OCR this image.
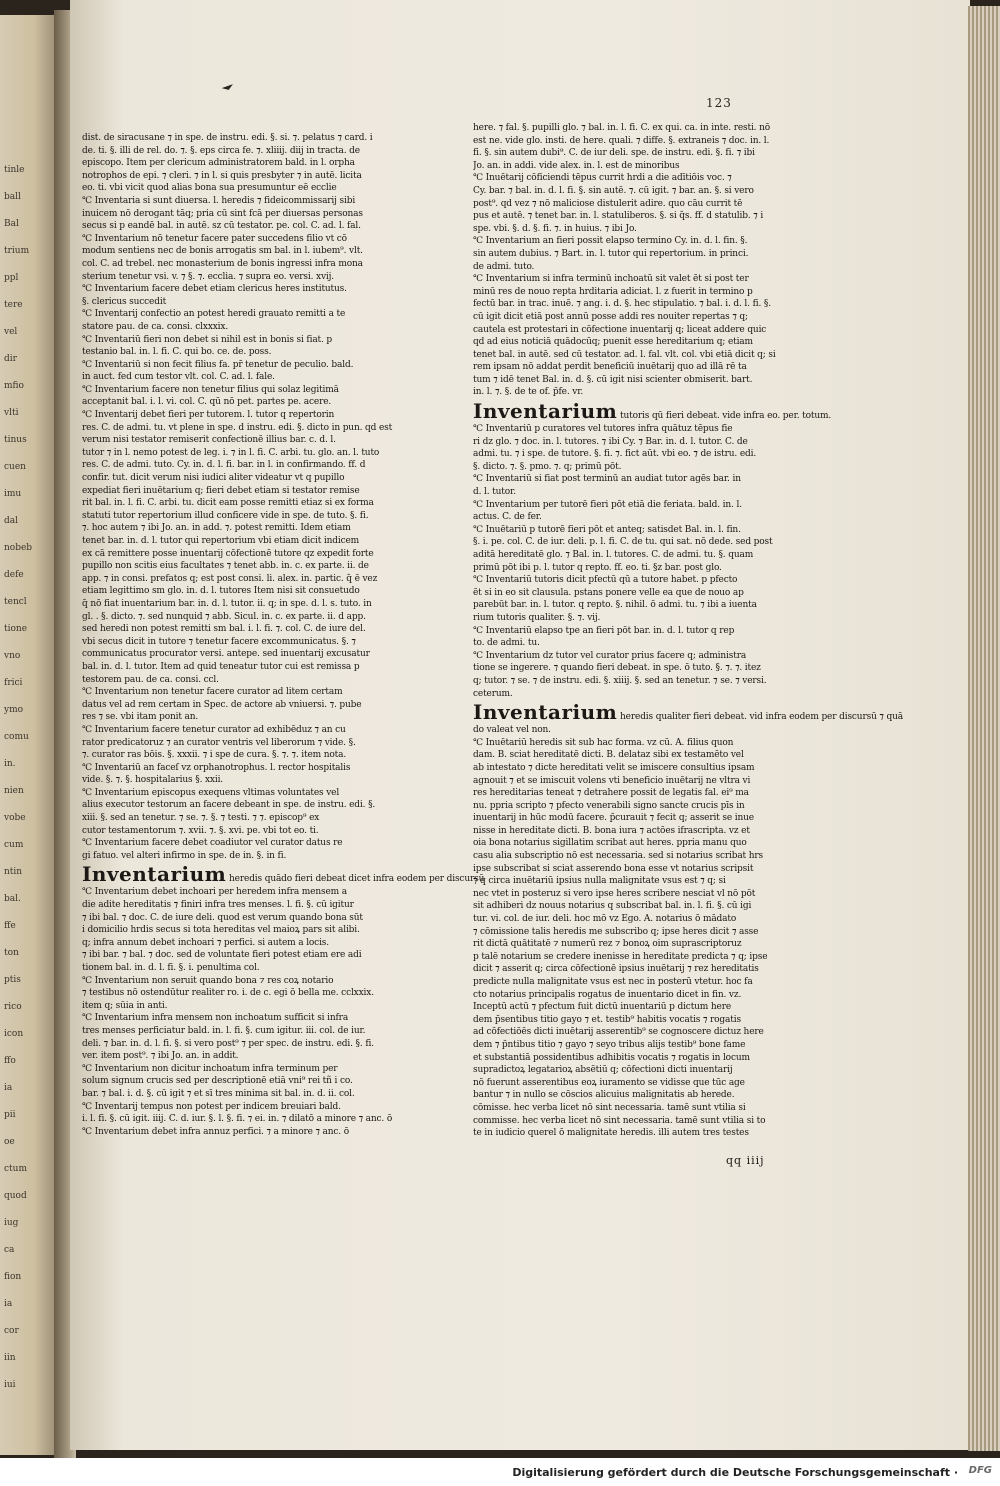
tinle
ball
Bal
trium
ppl
tere
vel
dir
mfio
vlti
tinus
cuen
imu
dal
nobeb
defe
tencl
tione
vno
frici
ymo
comu
in.
nien
vobe
cum
ntin
bal.
ffe
ton
ptis
rico
icon
ffo
ia
pii
oe
ctum
quod
iug
ca
fion
ia
cor
iin
iui
123
dist. de siracusane ⁊ in spe. de instru. edi. §. si. ⁊. pelatus ⁊ card. i
de. ti. §. illi de rel. do. ⁊. §. eps circa fe. ⁊. xliiij. diij in tracta. de
episcopo. Item per clericum administratorem bald. in l. orpha
notrophos de epi. ⁊ cleri. ⁊ in l. si quis presbyter ⁊ in autē. licita
eo. ti. vbi vicit quod alias bona sua presumuntur eē ecclie
℃ Inventaria si sunt diuersa. l. heredis ⁊ fideicommissarij sibi
inuicem nō derogant tāq; pria cū sint fcā per diuersas personas
secus si p eandē bal. in autē. sz cū testator. pe. col. C. ad. l. fal.
℃ Inventarium nō tenetur facere pater succedens filio vt cō
modum sentiens nec de bonis arrogatis sm bal. in l. iubem⁹. vlt.
col. C. ad trebel. nec monasterium de bonis ingressi infra mona
sterium tenetur vsi. v. ⁊ §. ⁊. ecclia. ⁊ supra eo. versi. xvij.
℃ Inventarium facere debet etiam clericus heres institutus.
§. clericus succedit
℃ Inventarij confectio an potest heredi grauato remitti a te
statore pau. de ca. consi. clxxxix.
℃ Inventariū fieri non debet si nihil est in bonis si fiat. p
testanio bal. in. l. fi. C. qui bo. ce. de. poss.
℃ Inventariū si non fecit filius fa. pr̄ tenetur de peculio. bald.
in auct. fed cum testor vlt. col. C. ad. l. fale.
℃ Inventarium facere non tenetur filius qui solaz legitimā
acceptanit bal. i. l. vi. col. C. qū nō pet. partes pe. acere.
℃ Inventarij debet fieri per tutorem. l. tutor q repertorin
res. C. de admi. tu. vt plene in spe. d instru. edi. §. dicto in pun. qd est
verum nisi testator remiserit confectionē illius bar. c. d. l.
tutor ⁊ in l. nemo potest de leg. i. ⁊ in l. fi. C. arbi. tu. glo. an. l. tuto
res. C. de admi. tuto. Cy. in. d. l. fi. bar. in l. in confirmando. ff. d
confir. tut. dicit verum nisi iudici aliter videatur vt q pupillo
expediat fieri inuētarium q; fieri debet etiam si testator remise
rit bal. in. l. fi. C. arbi. tu. dicit eam posse remitti etiaz si ex forma
statuti tutor repertorium illud conficere vide in spe. de tuto. §. fi.
⁊. hoc autem ⁊ ibi Jo. an. in add. ⁊. potest remitti. Idem etiam
tenet bar. in. d. l. tutor qui repertorium vbi etiam dicit indicem
ex cā remittere posse inuentarij cōfectionē tutore qz expedit forte
pupillo non scitis eius facultates ⁊ tenet abb. in. c. ex parte. ii. de
app. ⁊ in consi. prefatos q; est post consi. li. alex. in. partic. q̄ ē vez
etiam legittimo sm glo. in. d. l. tutores Item nisi sit consuetudo
q̄ nō fiat inuentarium bar. in. d. l. tutor. ii. q; in spe. d. l. s. tuto. in
gl. . §. dicto. ⁊. sed nunquid ⁊ abb. Sicul. in. c. ex parte. ii. d app.
sed heredi non potest remitti sm bal. i. l. fi. ⁊. col. C. de iure del.
vbi secus dicit in tutore ⁊ tenetur facere excommunicatus. §. ⁊
communicatus procurator versi. antepe. sed inuentarij excusatur
bal. in. d. l. tutor. Item ad quid teneatur tutor cui est remissa p
testorem pau. de ca. consi. ccl.
℃ Inventarium non tenetur facere curator ad litem certam
datus vel ad rem certam in Spec. de actore ab vniuersi. ⁊. pube
res ⁊ se. vbi itam ponit an.
℃ Inventarium facere tenetur curator ad exhibēduz ⁊ an cu
rator predicatoruz ⁊ an curator ventris vel liberorum ⁊ vide. §.
⁊. curator ras bōis. §. xxxii. ⁊ i spe de cura. §. ⁊. ⁊. item nota.
℃ Inventariū an faceſ vz orphanotrophus. l. rector hospitalis
vide. §. ⁊. §. hospitalarius §. xxii.
℃ Inventarium episcopus exequens vltimas voluntates vel
alius executor testorum an facere debeant in spe. de instru. edi. §.
xiii. §. sed an tenetur. ⁊ se. ⁊. §. ⁊ testi. ⁊ ⁊. episcop⁹ ex
cutor testamentorum ⁊. xvii. ⁊. §. xvi. pe. vbi tot eo. ti.
℃ Inventarium facere debet coadiutor vel curator datus re
gi fatuo. vel alteri infirmo in spe. de in. §. in fi.
Inventarium heredis quādo fieri debeat dicet infra eodem per discursū
℃ Inventarium debet inchoari per heredem infra mensem a
die adite hereditatis ⁊ finiri infra tres menses. l. fi. §. cū igitur
⁊ ibi bal. ⁊ doc. C. de iure deli. quod est verum quando bona sūt
i domicilio hrdis secus si tota hereditas vel maioꝝ pars sit alibi.
q; infra annum debet inchoari ⁊ perfici. si autem a locis.
⁊ ibi bar. ⁊ bal. ⁊ doc. sed de voluntate fieri potest etiam ere adi
tionem bal. in. d. l. fi. §. i. penultima col.
℃ Inventarium non seruit quando bona ⁊ res coꝝ notario
⁊ testibus nō ostendūtur realiter ro. i. de c. egi ō bella me. cclxxix.
item q; sūia in anti.
℃ Inventarium infra mensem non inchoatum sufficit si infra
tres menses perficiatur bald. in. l. fi. §. cum igitur. iii. col. de iur.
deli. ⁊ bar. in. d. l. fi. §. si vero post⁹ ⁊ per spec. de instru. edi. §. fi.
ver. item post⁹. ⁊ ibi Jo. an. in addit.
℃ Inventarium non dicitur inchoatum infra terminum per
solum signum crucis sed per descriptionē etiā vni⁹ rei tñ i co.
bar. ⁊ bal. i. d. §. cū igit ⁊ et sī tres minima sit bal. in. d. ii. col.
℃ Inventarij tempus non potest per indicem breuiari bald.
i. l. fi. §. cū igit. iiij. C. d. iur. §. l. §. fi. ⁊ ei. in. ⁊ dilatō a minore ⁊ anc. ō
℃ Inventarium debet infra annuz perfici. ⁊ a minore ⁊ anc. ō
here. ⁊ fal. §. pupilli glo. ⁊ bal. in. l. fi. C. ex qui. ca. in inte. resti. nō
est ne. vide glo. insti. de here. quali. ⁊ diffe. §. extraneis ⁊ doc. in. l.
fi. §. sin autem dubi⁹. C. de iur deli. spe. de instru. edi. §. fi. ⁊ ibi
Jo. an. in addi. vide alex. in. l. est de minoribus
℃ Inuētarij cōficiendi tēpus currit hrdi a die adītiōis voc. ⁊
Cy. bar. ⁊ bal. in. d. l. fi. §. sin autē. ⁊. cū igit. ⁊ bar. an. §. si vero
post⁹. qd vez ⁊ nō maliciose distulerit adire. quo cāu currit tē
pus et autē. ⁊ tenet bar. in. l. statuliberos. §. si q̄s. ff. d statulib. ⁊ i
spe. vbi. §. d. §. fi. ⁊. in huius. ⁊ ibi Jo.
℃ Inventarium an fieri possit elapso termino Cy. in. d. l. fin. §.
sin autem dubius. ⁊ Bart. in. l. tutor qui repertorium. in princi.
de admi. tuto.
℃ Inventarium si infra terminū inchoatū sit valet ēt si post ter
minū res de nouo repta hrditaria adiciat. l. z fuerit in termino p
fectū bar. in trac. inuē. ⁊ ang. i. d. §. hec stipulatio. ⁊ bal. i. d. l. fi. §.
cū igit dicit etiā post annū posse addi res nouiter repertas ⁊ q;
cautela est protestari in cōfectione inuentarij q; liceat addere quic
qd ad eius noticiā quādocūq; puenit esse hereditarium q; etiam
tenet bal. in autē. sed cū testator. ad. l. fal. vlt. col. vbi etiā dicit q; si
rem ipsam nō addat perdit beneficiū inuētarij quo ad illā rē ta
tum ⁊ idē tenet Bal. in. d. §. cū igit nisi scienter obmiserit. bart.
in. l. ⁊. §. de te of. p̄fe. vr.
Inventarium tutoris qū fieri debeat. vide infra eo. per. totum.
℃ Inventariū p curatores vel tutores infra quātuz tēpus fie
ri dz glo. ⁊ doc. in. l. tutores. ⁊ ibi Cy. ⁊ Bar. in. d. l. tutor. C. de
admi. tu. ⁊ i spe. de tutore. §. fi. ⁊. fict aūt. vbi eo. ⁊ de istru. edi.
§. dicto. ⁊. §. pmo. ⁊. q; primū pōt.
℃ Inventariū si fiat post terminū an audiat tutor agēs bar. in
d. l. tutor.
℃ Inventarium per tutorē fieri pōt etiā die feriata. bald. in. l.
actus. C. de fer.
℃ Inuētariū p tutorē fieri pōt et anteq; satisdet Bal. in. l. fin.
§. i. pe. col. C. de iur. deli. p. l. fi. C. de tu. qui sat. nō dede. sed post
aditā hereditatē glo. ⁊ Bal. in. l. tutores. C. de admi. tu. §. quam
primū pōt ibi p. l. tutor q repto. ff. eo. ti. §z bar. post glo.
℃ Inventariū tutoris dicit pfectū qū a tutore habet. p pfecto
ēt si in eo sit clausula. pstans ponere velle ea que de nouo ap
parebūt bar. in. l. tutor. q repto. §. nihil. ō admi. tu. ⁊ ibi a iuenta
rium tutoris qualiter. §. ⁊. vij.
℃ Inventariū elapso tpe an fieri pōt bar. in. d. l. tutor q rep
to. de admi. tu.
℃ Inventarium dz tutor vel curator prius facere q; administra
tione se ingerere. ⁊ quando fieri debeat. in spe. ō tuto. §. ⁊. ⁊. itez
q; tutor. ⁊ se. ⁊ de instru. edi. §. xiiij. §. sed an tenetur. ⁊ se. ⁊ versi.
ceterum.
Inventarium heredis qualiter fieri debeat. vid infra eodem per discursū ⁊ quā
do valeat vel non.
℃ Inuētariū heredis sit sub hac forma. vz cū. A. filius quon
dam. B. sciat hereditatē dicti. B. delataz sibi ex testamēto vel
ab intestato ⁊ dicte hereditati velit se imiscere consultius ipsam
agnouit ⁊ et se imiscuit volens vti beneficio inuētarij ne vltra vi
res hereditarias teneat ⁊ detrahere possit de legatis fal. ei⁹ ma
nu. ppria scripto ⁊ pfecto venerabili signo sancte crucis pīs in
inuentarij in hūc modū facere. p̄curauit ⁊ fecit q; asserit se inue
nisse in hereditate dicti. B. bona iura ⁊ actōes ifrascripta. vz et
oia bona notarius sigillatim scribat aut heres. ppria manu quo
casu alia subscriptio nō est necessaria. sed si notarius scribat hrs
ipse subscribat si sciat asserendo bona esse vt notarius scripsit
⁊ q circa inuētariū ipsius nulla malignitate vsus est ⁊ q; si
nec vtet in posteruz si vero ipse heres scribere nesciat vl nō pōt
sit adhiberi dz nouus notarius q subscribat bal. in. l. fi. §. cū igi
tur. vi. col. de iur. deli. hoc mō vz Ego. A. notarius ō mādato
⁊ cōmissione talis heredis me subscribo q; ipse heres dicit ⁊ asse
rit dictā quātitatē ⁊ numerū rez ⁊ bonoꝝ oim suprascriptoruz
p talē notarium se credere inenisse in hereditate predicta ⁊ q; ipse
dicit ⁊ asserit q; circa cōfectionē ipsius inuētarij ⁊ rez hereditatis
predicte nulla malignitate vsus est nec in posterū vtetur. hoc fa
cto notarius principalis rogatus de inuentario dicet in fin. vz.
Inceptū actū ⁊ pfectum fuit dictū inuentariū p dictum here
dem p̄sentibus titio gayo ⁊ et. testib⁹ habitis vocatis ⁊ rogatis
ad cōfectiōēs dicti inuētarij asserentib⁹ se cognoscere dictuz here
dem ⁊ p̄ntibus titio ⁊ gayo ⁊ seyo tribus alijs testib⁹ bone fame
et substantiā possidentibus adhibitis vocatis ⁊ rogatis in locum
supradictoꝝ legatarioꝝ absētiū q; cōfectioni dicti inuentarij
nō fuerunt asserentibus eoꝝ iuramento se vidisse que tūc age
bantur ⁊ in nullo se cōscios alicuius malignitatis ab herede.
cōmisse. hec verba licet nō sint necessaria. tamē sunt vtilia si
commisse. hec verba licet nō sint necessaria. tamē sunt vtilia si to
te in iudicio querel ō malignitate heredis. illi autem tres testes
qq iiij
Digitalisierung gefördert durch die Deutsche Forschungsgemeinschaft · DFG
